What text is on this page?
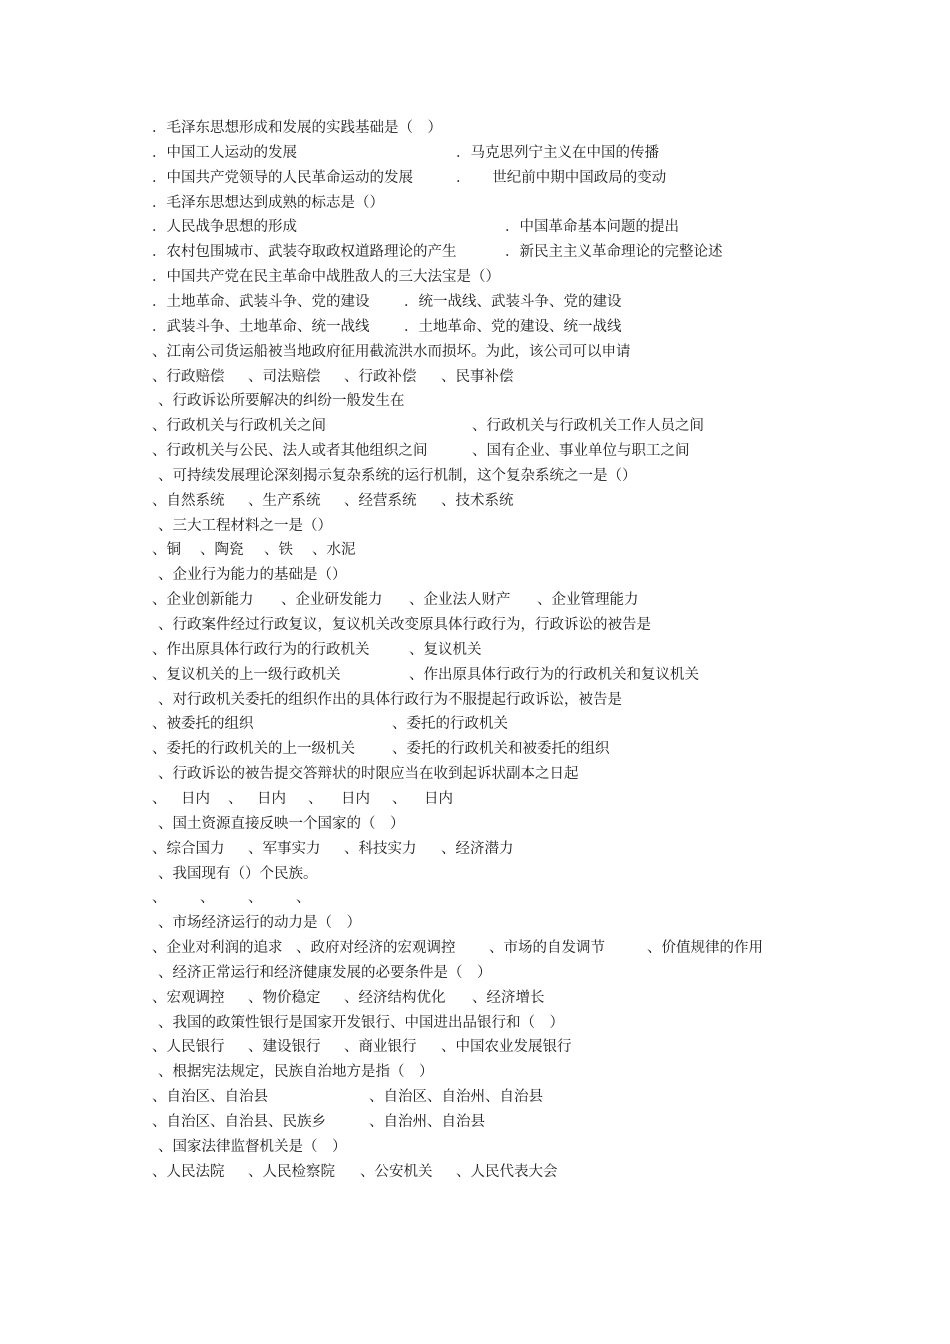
．毛泽东思想形成和发展的实践基础是（　）
．中国工人运动的发展	．马克思列宁主义在中国的传播
．中国共产党领导的人民革命运动的发展	．　　世纪前中期中国政局的变动
．毛泽东思想达到成熟的标志是（）
．人民战争思想的形成	．中国革命基本问题的提出
．农村包围城市、武装夺取政权道路理论的产生	．新民主主义革命理论的完整论述
．中国共产党在民主革命中战胜敌人的三大法宝是（）
．土地革命、武装斗争、党的建设 ．统一战线、武装斗争、党的建设
．武装斗争、土地革命、统一战线 ．土地革命、党的建设、统一战线
、江南公司货运船被当地政府征用截流洪水而损坏。为此，该公司可以申请
、行政赔偿 、司法赔偿 、行政补偿 、民事补偿
、行政诉讼所要解决的纠纷一般发生在
、行政机关与行政机关之间	、行政机关与行政机关工作人员之间
、行政机关与公民、法人或者其他组织之间	、国有企业、事业单位与职工之间
、可持续发展理论深刻揭示复杂系统的运行机制，这个复杂系统之一是（）
、自然系统 、生产系统 、经营系统 、技术系统
、三大工程材料之一是（）
、铜 、陶瓷 、铁 、水泥
、企业行为能力的基础是（）
、企业创新能力 、企业研发能力 、企业法人财产 、企业管理能力
、行政案件经过行政复议，复议机关改变原具体行政行为，行政诉讼的被告是
、作出原具体行政行为的行政机关	、复议机关
、复议机关的上一级行政机关	、作出原具体行政行为的行政机关和复议机关
、对行政机关委托的组织作出的具体行政行为不服提起行政诉讼，被告是
、被委托的组织	、委托的行政机关
、委托的行政机关的上一级机关	、委托的行政机关和被委托的组织
、行政诉讼的被告提交答辩状的时限应当在收到起诉状副本之日起
、 日内 、 日内 、 日内 、 日内
、国土资源直接反映一个国家的（　）
、综合国力 、军事实力 、科技实力 、经济潜力
、我国现有（）个民族。
、 、 、 、
、市场经济运行的动力是（　）
、企业对利润的追求 、政府对经济的宏观调控 、市场的自发调节	、价值规律的作用
、经济正常运行和经济健康发展的必要条件是（　）
、宏观调控 、物价稳定 、经济结构优化 、经济增长
、我国的政策性银行是国家开发银行、中国进出品银行和（　）
、人民银行 、建设银行 、商业银行 、中国农业发展银行
、根据宪法规定，民族自治地方是指（　）
、自治区、自治县	、自治区、自治州、自治县
、自治区、自治县、民族乡	、自治州、自治县
、国家法律监督机关是（　）
、人民法院 、人民检察院 、公安机关 、人民代表大会
